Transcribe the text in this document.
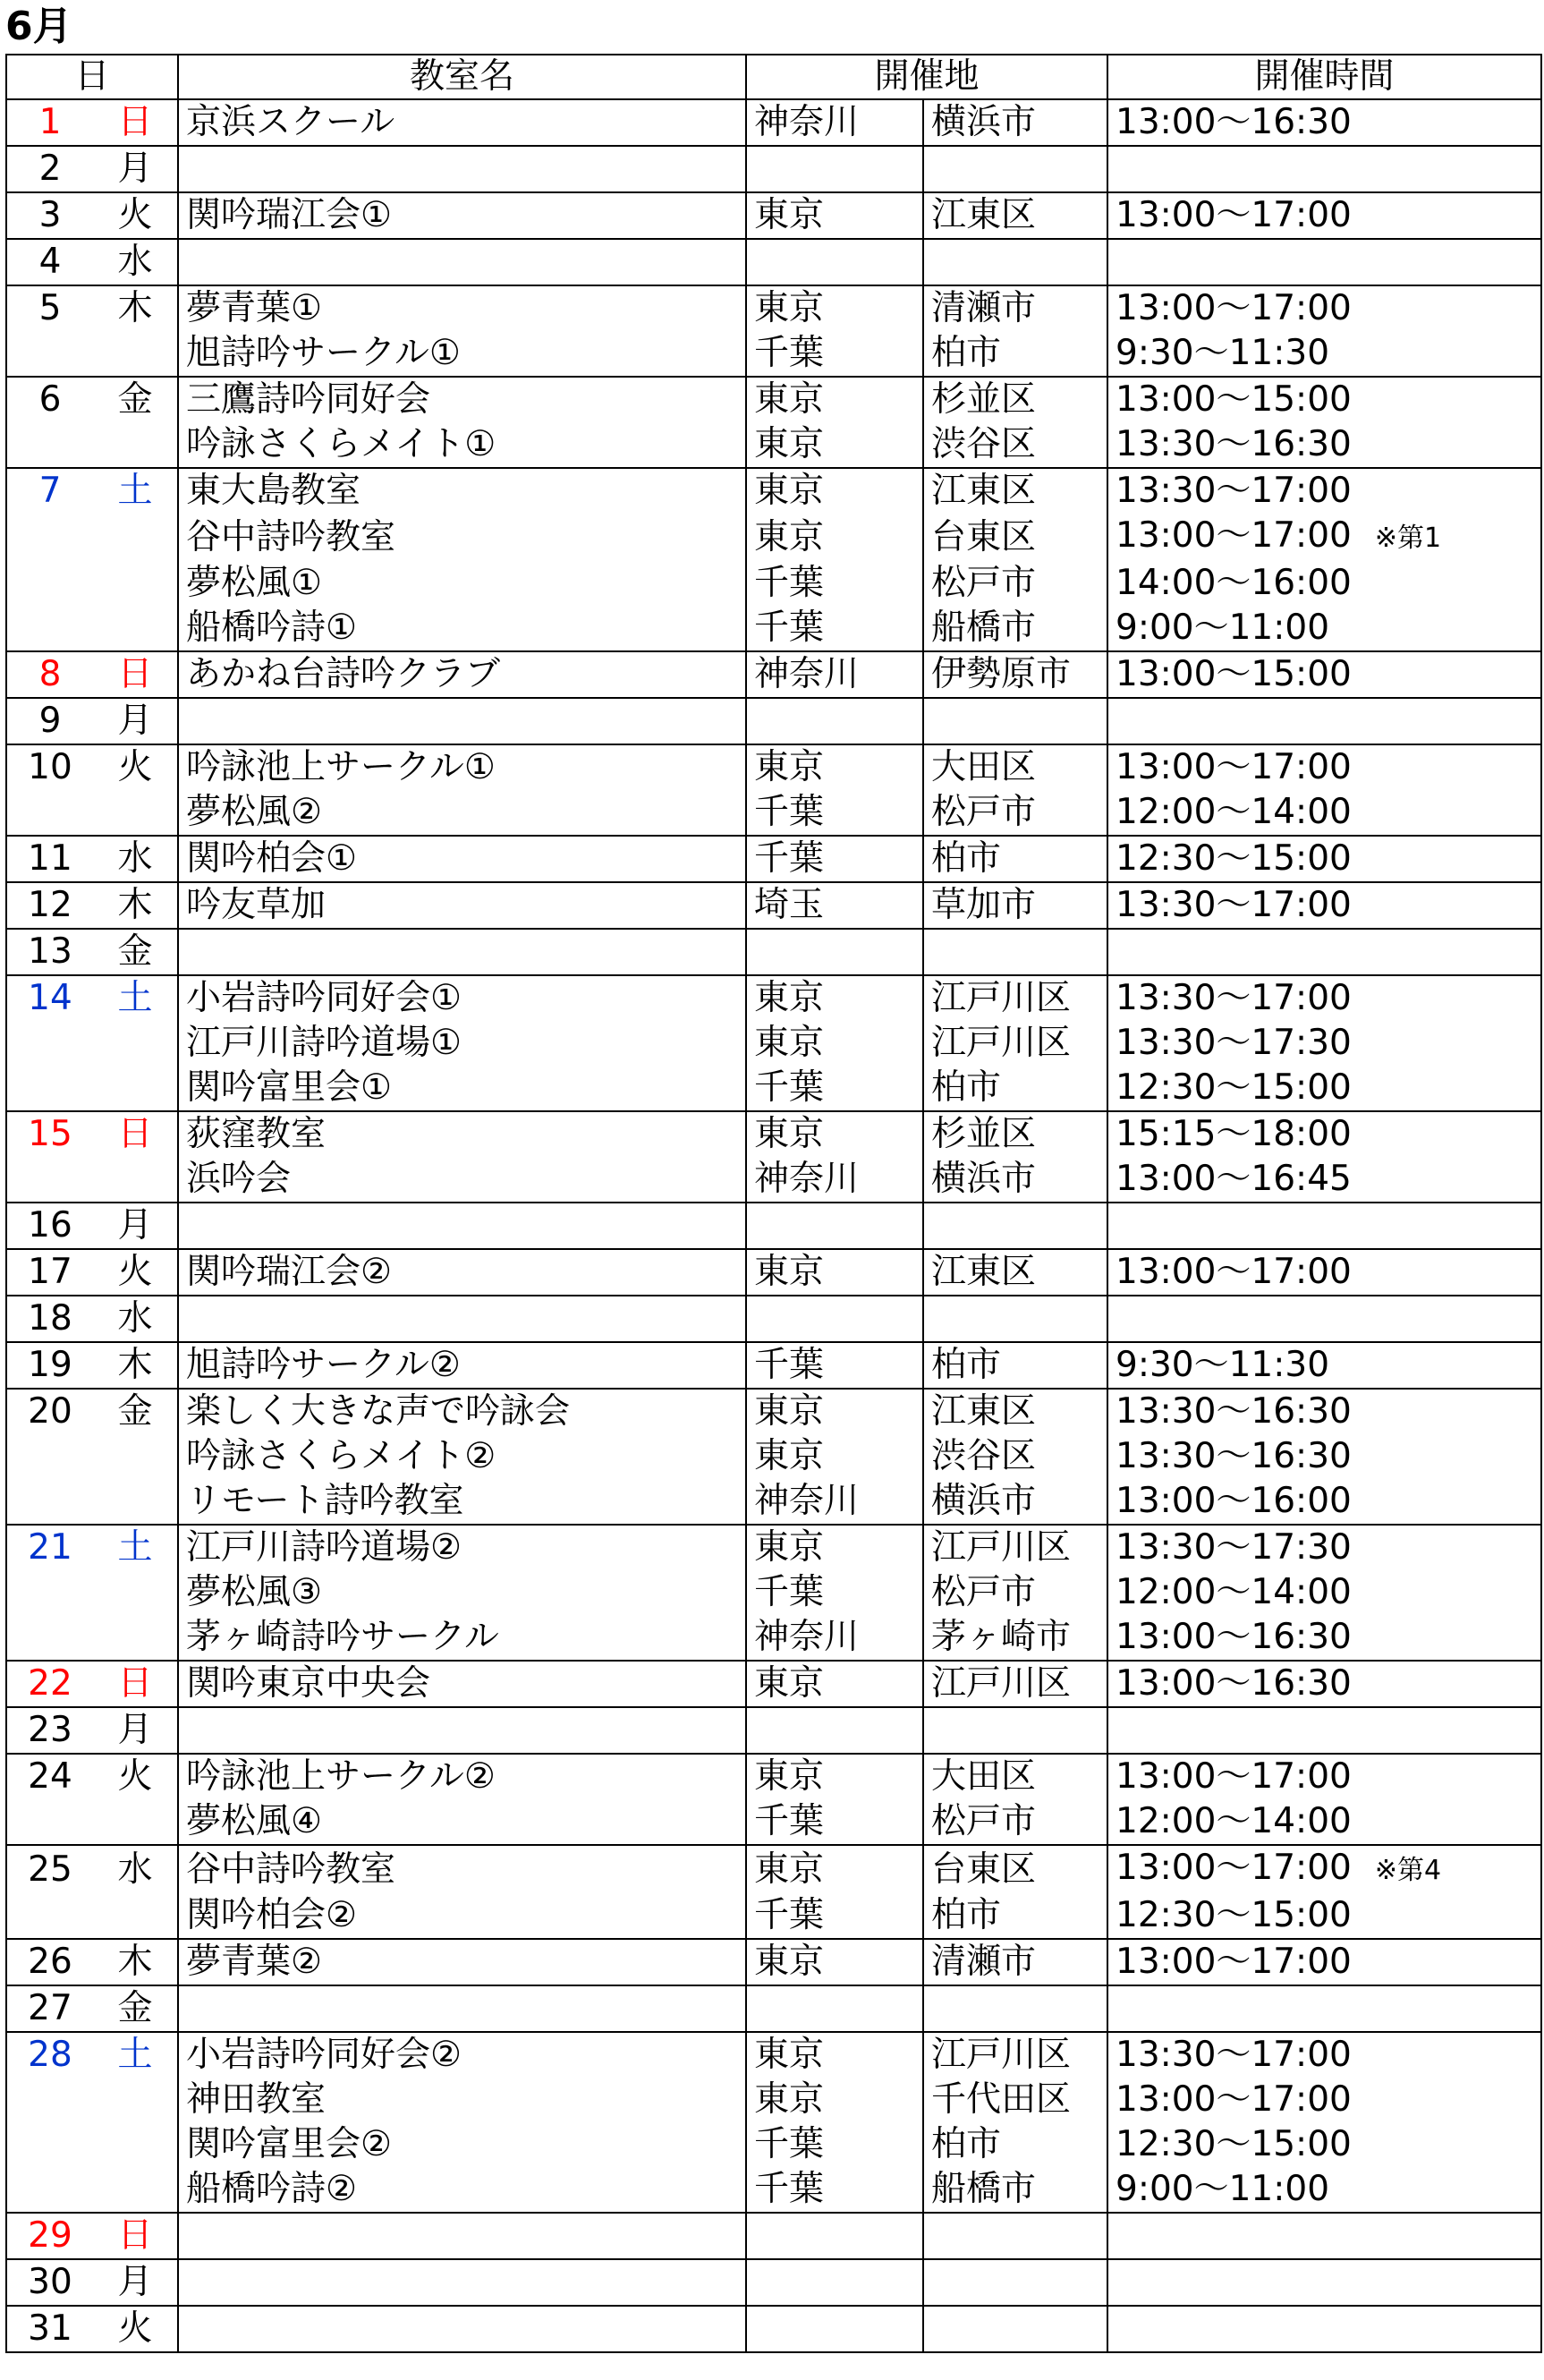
6月
日		教室名	開催地		開催時間
1	日	京浜スクール	神奈川	横浜市	13:00～16:30
2	月				
3	火	関吟瑞江会①	東京	江東区	13:00～17:00
4	水				
5	木	夢青葉①	東京	清瀬市	13:00～17:00
		旭詩吟サークル①	千葉	柏市	9:30～11:30
6	金	三鷹詩吟同好会	東京	杉並区	13:00～15:00
		吟詠さくらメイト①	東京	渋谷区	13:30～16:30
7	土	東大島教室	東京	江東区	13:30～17:00
		谷中詩吟教室	東京	台東区	13:00～17:00 ※第1
		夢松風①	千葉	松戸市	14:00～16:00
		船橋吟詩①	千葉	船橋市	9:00～11:00
8	日	あかね台詩吟クラブ	神奈川	伊勢原市	13:00～15:00
9	月				
10	火	吟詠池上サークル①	東京	大田区	13:00～17:00
		夢松風②	千葉	松戸市	12:00～14:00
11	水	関吟柏会①	千葉	柏市	12:30～15:00
12	木	吟友草加	埼玉	草加市	13:30～17:00
13	金				
14	土	小岩詩吟同好会①	東京	江戸川区	13:30～17:00
		江戸川詩吟道場①	東京	江戸川区	13:30～17:30
		関吟富里会①	千葉	柏市	12:30～15:00
15	日	荻窪教室	東京	杉並区	15:15～18:00
		浜吟会	神奈川	横浜市	13:00～16:45
16	月				
17	火	関吟瑞江会②	東京	江東区	13:00～17:00
18	水				
19	木	旭詩吟サークル②	千葉	柏市	9:30～11:30
20	金	楽しく大きな声で吟詠会	東京	江東区	13:30～16:30
		吟詠さくらメイト②	東京	渋谷区	13:30～16:30
		リモート詩吟教室	神奈川	横浜市	13:00～16:00
21	土	江戸川詩吟道場②	東京	江戸川区	13:30～17:30
		夢松風③	千葉	松戸市	12:00～14:00
		茅ヶ崎詩吟サークル	神奈川	茅ヶ崎市	13:00～16:30
22	日	関吟東京中央会	東京	江戸川区	13:00～16:30
23	月				
24	火	吟詠池上サークル②	東京	大田区	13:00～17:00
		夢松風④	千葉	松戸市	12:00～14:00
25	水	谷中詩吟教室	東京	台東区	13:00～17:00 ※第4
		関吟柏会②	千葉	柏市	12:30～15:00
26	木	夢青葉②	東京	清瀬市	13:00～17:00
27	金				
28	土	小岩詩吟同好会②	東京	江戸川区	13:30～17:00
		神田教室	東京	千代田区	13:00～17:00
		関吟富里会②	千葉	柏市	12:30～15:00
		船橋吟詩②	千葉	船橋市	9:00～11:00
29	日				
30	月				
31	火				
